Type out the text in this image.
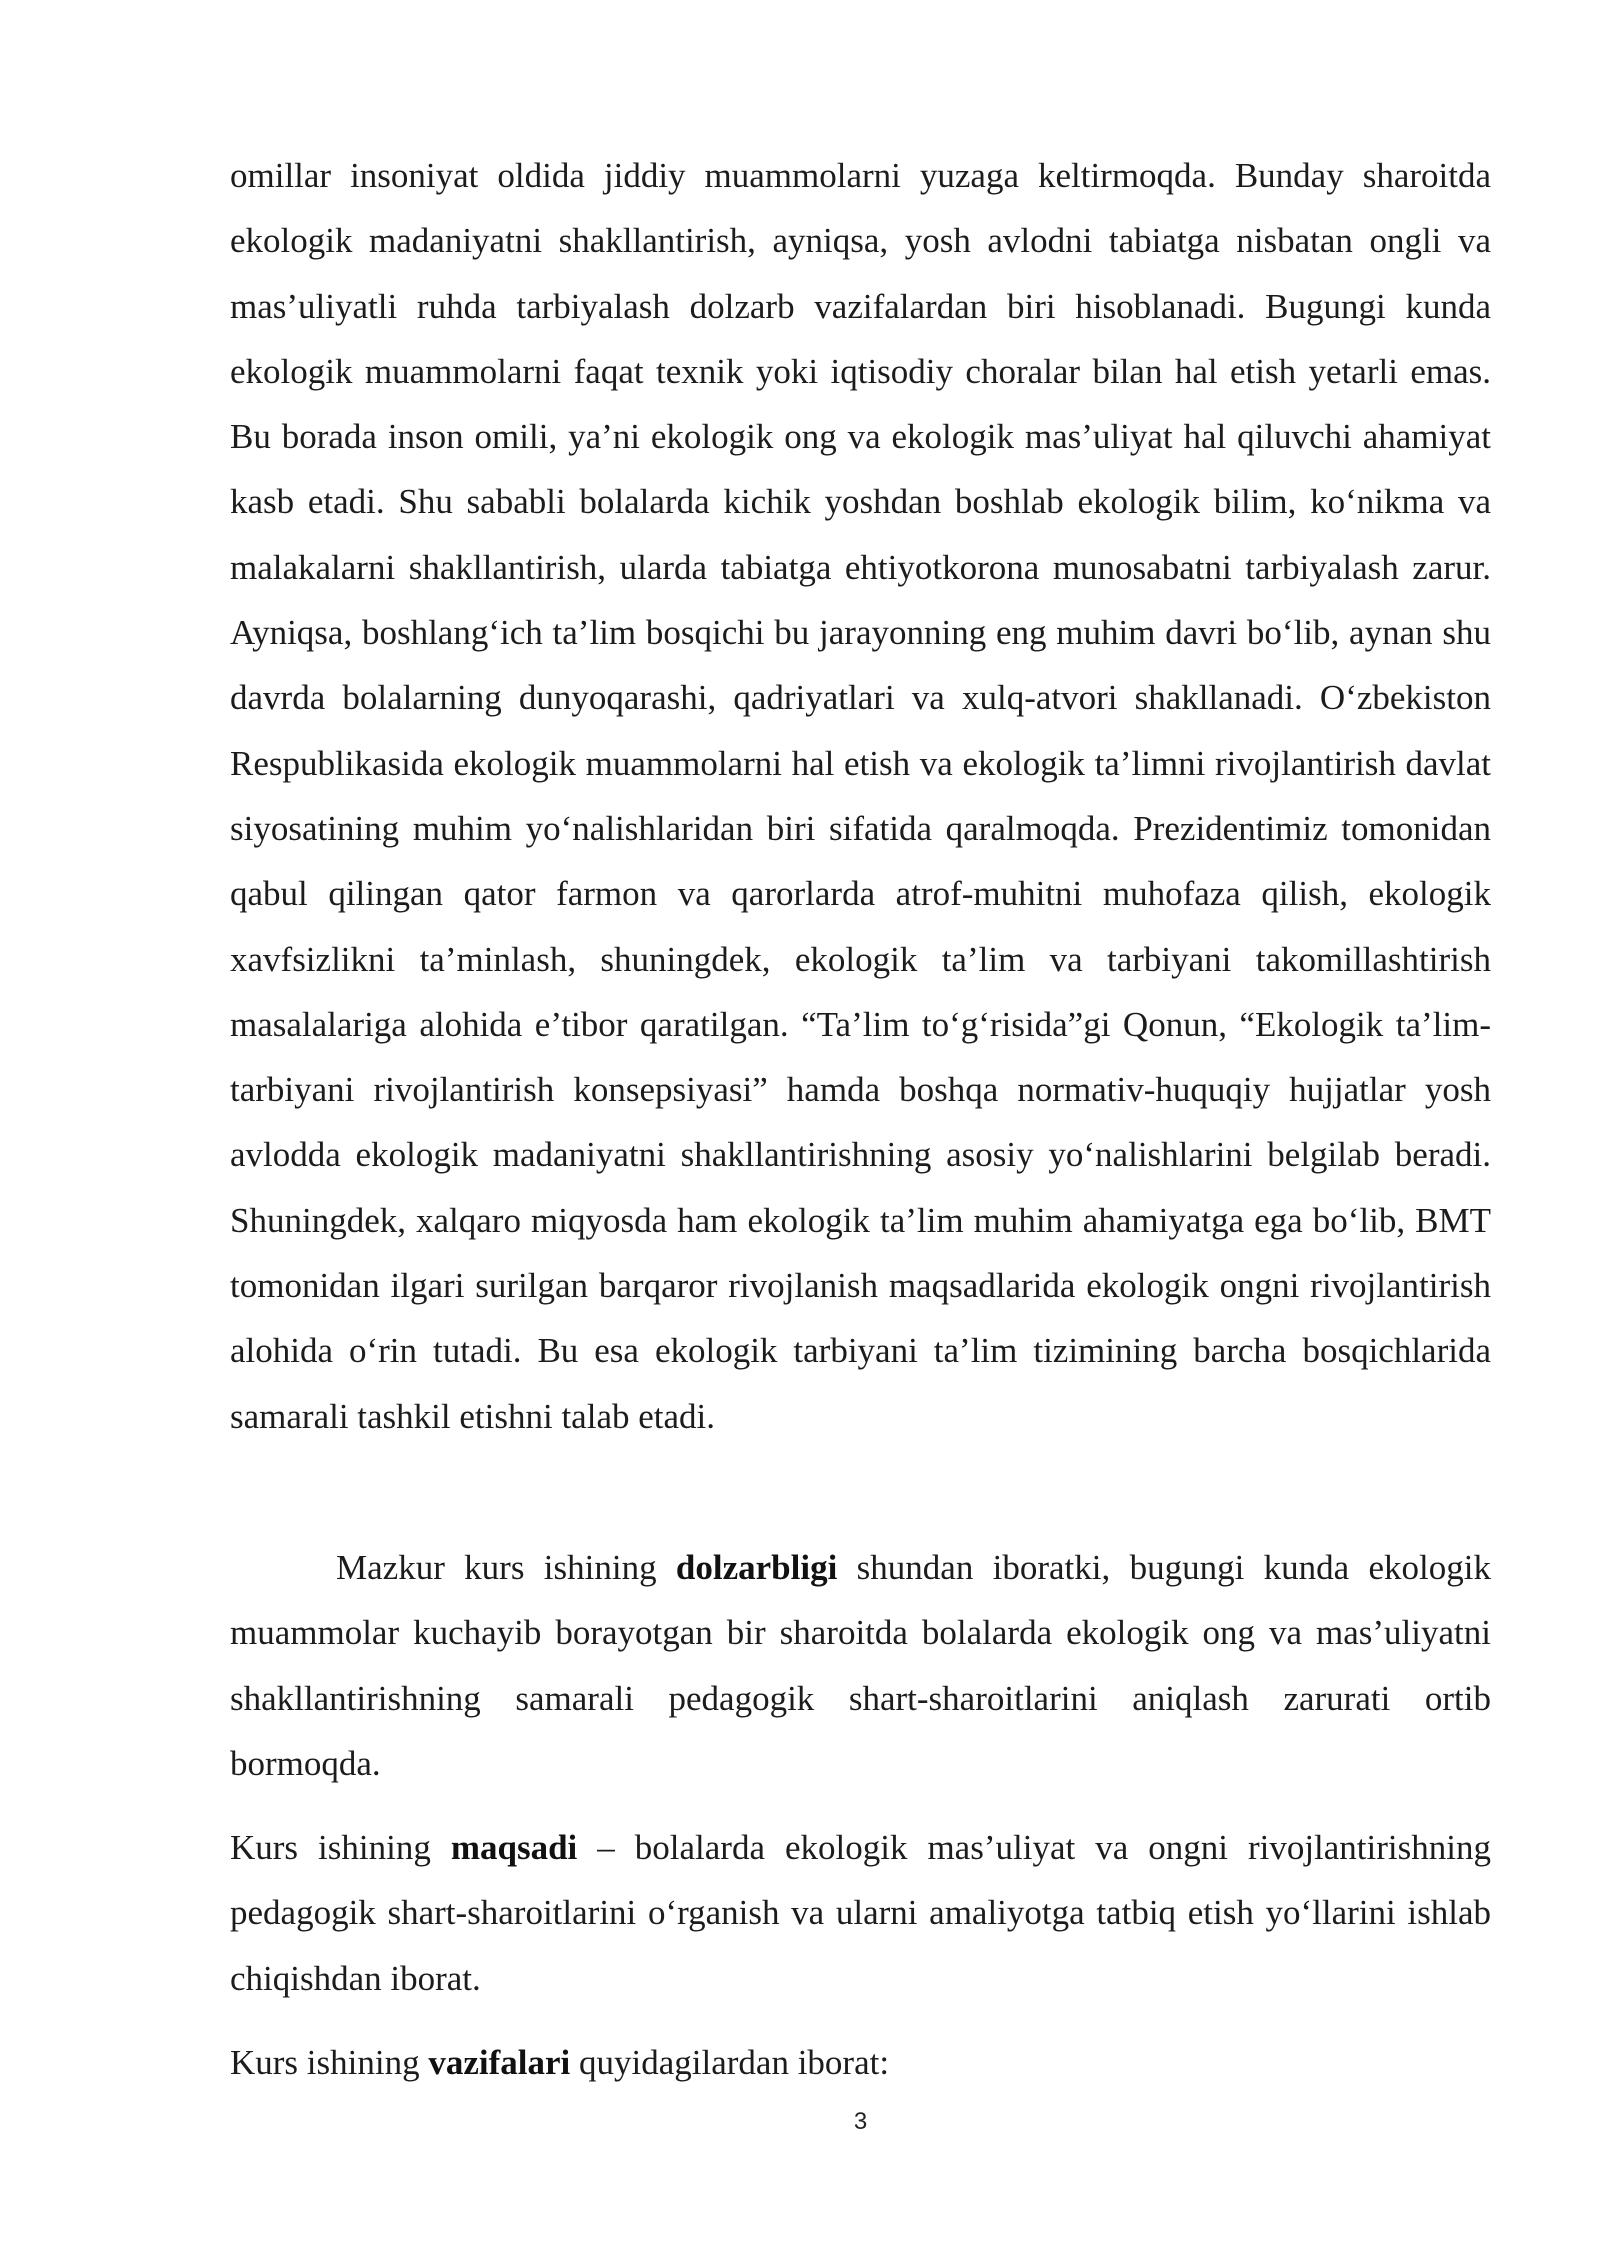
omillar insoniyat oldida jiddiy muammolarni yuzaga keltirmoqda. Bunday sharoitda ekologik madaniyatni shakllantirish, ayniqsa, yosh avlodni tabiatga nisbatan ongli va mas’uliyatli ruhda tarbiyalash dolzarb vazifalardan biri hisoblanadi. Bugungi kunda ekologik muammolarni faqat texnik yoki iqtisodiy choralar bilan hal etish yetarli emas. Bu borada inson omili, ya’ni ekologik ong va ekologik mas’uliyat hal qiluvchi ahamiyat kasb etadi. Shu sababli bolalarda kichik yoshdan boshlab ekologik bilim, ko‘nikma va malakalarni shakllantirish, ularda tabiatga ehtiyotkorona munosabatni tarbiyalash zarur. Ayniqsa, boshlang‘ich ta’lim bosqichi bu jarayonning eng muhim davri bo‘lib, aynan shu davrda bolalarning dunyoqarashi, qadriyatlari va xulq-atvori shakllanadi. O‘zbekiston Respublikasida ekologik muammolarni hal etish va ekologik ta’limni rivojlantirish davlat siyosatining muhim yo‘nalishlaridan biri sifatida qaralmoqda. Prezidentimiz tomonidan qabul qilingan qator farmon va qarorlarda atrof-muhitni muhofaza qilish, ekologik xavfsizlikni ta’minlash, shuningdek, ekologik ta’lim va tarbiyani takomillashtirish masalalariga alohida e’tibor qaratilgan. “Ta’lim to‘g‘risida”gi Qonun, “Ekologik ta’lim-tarbiyani rivojlantirish konsepsiyasi” hamda boshqa normativ-huquqiy hujjatlar yosh avlodda ekologik madaniyatni shakllantirishning asosiy yo‘nalishlarini belgilab beradi. Shuningdek, xalqaro miqyosda ham ekologik ta’lim muhim ahamiyatga ega bo‘lib, BMT tomonidan ilgari surilgan barqaror rivojlanish maqsadlarida ekologik ongni rivojlantirish alohida o‘rin tutadi. Bu esa ekologik tarbiyani ta’lim tizimining barcha bosqichlarida samarali tashkil etishni talab etadi.

Mazkur kurs ishining dolzarbligi shundan iboratki, bugungi kunda ekologik muammolar kuchayib borayotgan bir sharoitda bolalarda ekologik ong va mas’uliyatni shakllantirishning samarali pedagogik shart-sharoitlarini aniqlash zarurati ortib bormoqda.

Kurs ishining maqsadi – bolalarda ekologik mas’uliyat va ongni rivojlantirishning pedagogik shart-sharoitlarini o‘rganish va ularni amaliyotga tatbiq etish yo‘llarini ishlab chiqishdan iborat.

Kurs ishining vazifalari quyidagilardan iborat:

3
